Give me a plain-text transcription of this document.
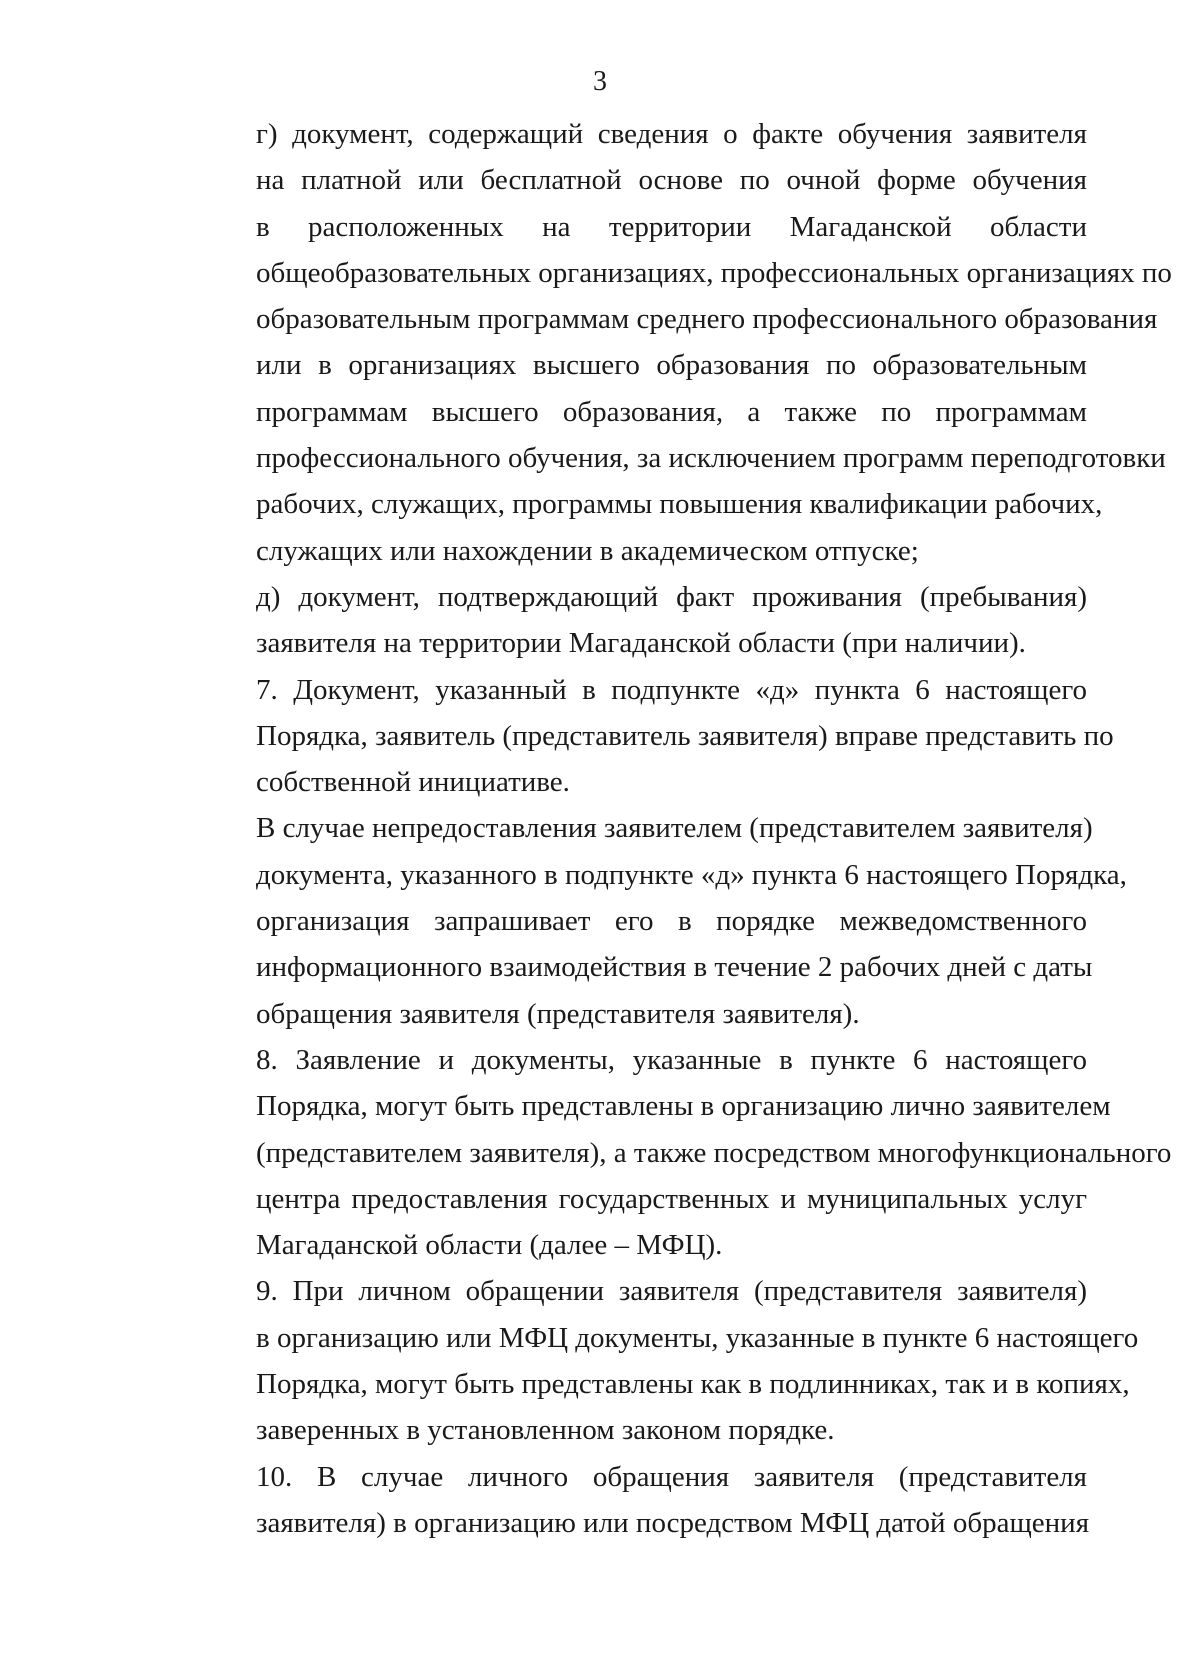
3

г) документ, содержащий сведения о факте обучения заявителя
на платной или бесплатной основе по очной форме обучения
в расположенных на территории Магаданской области
общеобразовательных организациях, профессиональных организациях по
образовательным программам среднего профессионального образования
или в организациях высшего образования по образовательным
программам высшего образования, а также по программам
профессионального обучения, за исключением программ переподготовки
рабочих, служащих, программы повышения квалификации рабочих,
служащих или нахождении в академическом отпуске;

д) документ, подтверждающий факт проживания (пребывания)
заявителя на территории Магаданской области (при наличии).

7. Документ, указанный в подпункте «д» пункта 6 настоящего
Порядка, заявитель (представитель заявителя) вправе представить по
собственной инициативе.

В случае непредоставления заявителем (представителем заявителя)
документа, указанного в подпункте «д» пункта 6 настоящего Порядка,
организация запрашивает его в порядке межведомственного
информационного взаимодействия в течение 2 рабочих дней с даты
обращения заявителя (представителя заявителя).

8. Заявление и документы, указанные в пункте 6 настоящего
Порядка, могут быть представлены в организацию лично заявителем
(представителем заявителя), а также посредством многофункционального
центра предоставления государственных и муниципальных услуг
Магаданской области (далее – МФЦ).

9. При личном обращении заявителя (представителя заявителя)
в организацию или МФЦ документы, указанные в пункте 6 настоящего
Порядка, могут быть представлены как в подлинниках, так и в копиях,
заверенных в установленном законом порядке.

10. В случае личного обращения заявителя (представителя
заявителя) в организацию или посредством МФЦ датой обращения
